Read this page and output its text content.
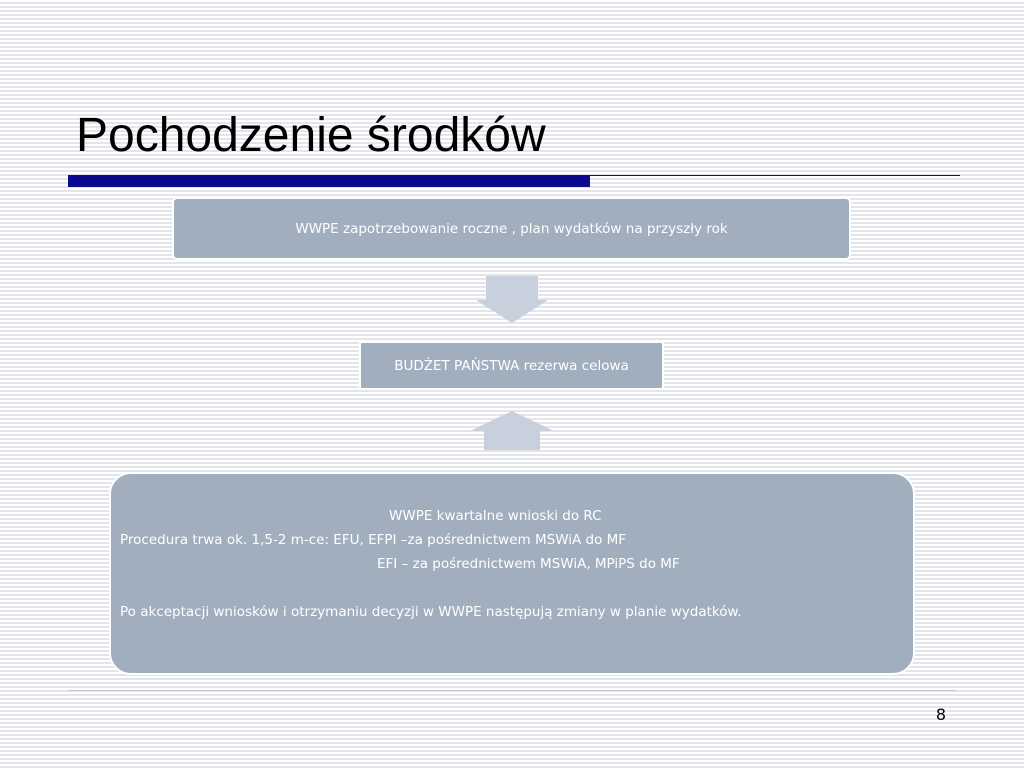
Pochodzenie środków
WWPE zapotrzebowanie roczne , plan wydatków na przyszły rok
BUDŻET PAŃSTWA rezerwa celowa
WWPE kwartalne wnioski do RC
Procedura trwa ok. 1,5-2 m-ce: EFU, EFPI –za pośrednictwem MSWiA do MF
EFI – za pośrednictwem MSWiA, MPiPS do MF
Po akceptacji wniosków i otrzymaniu decyzji w WWPE następują zmiany w planie wydatków.
8
